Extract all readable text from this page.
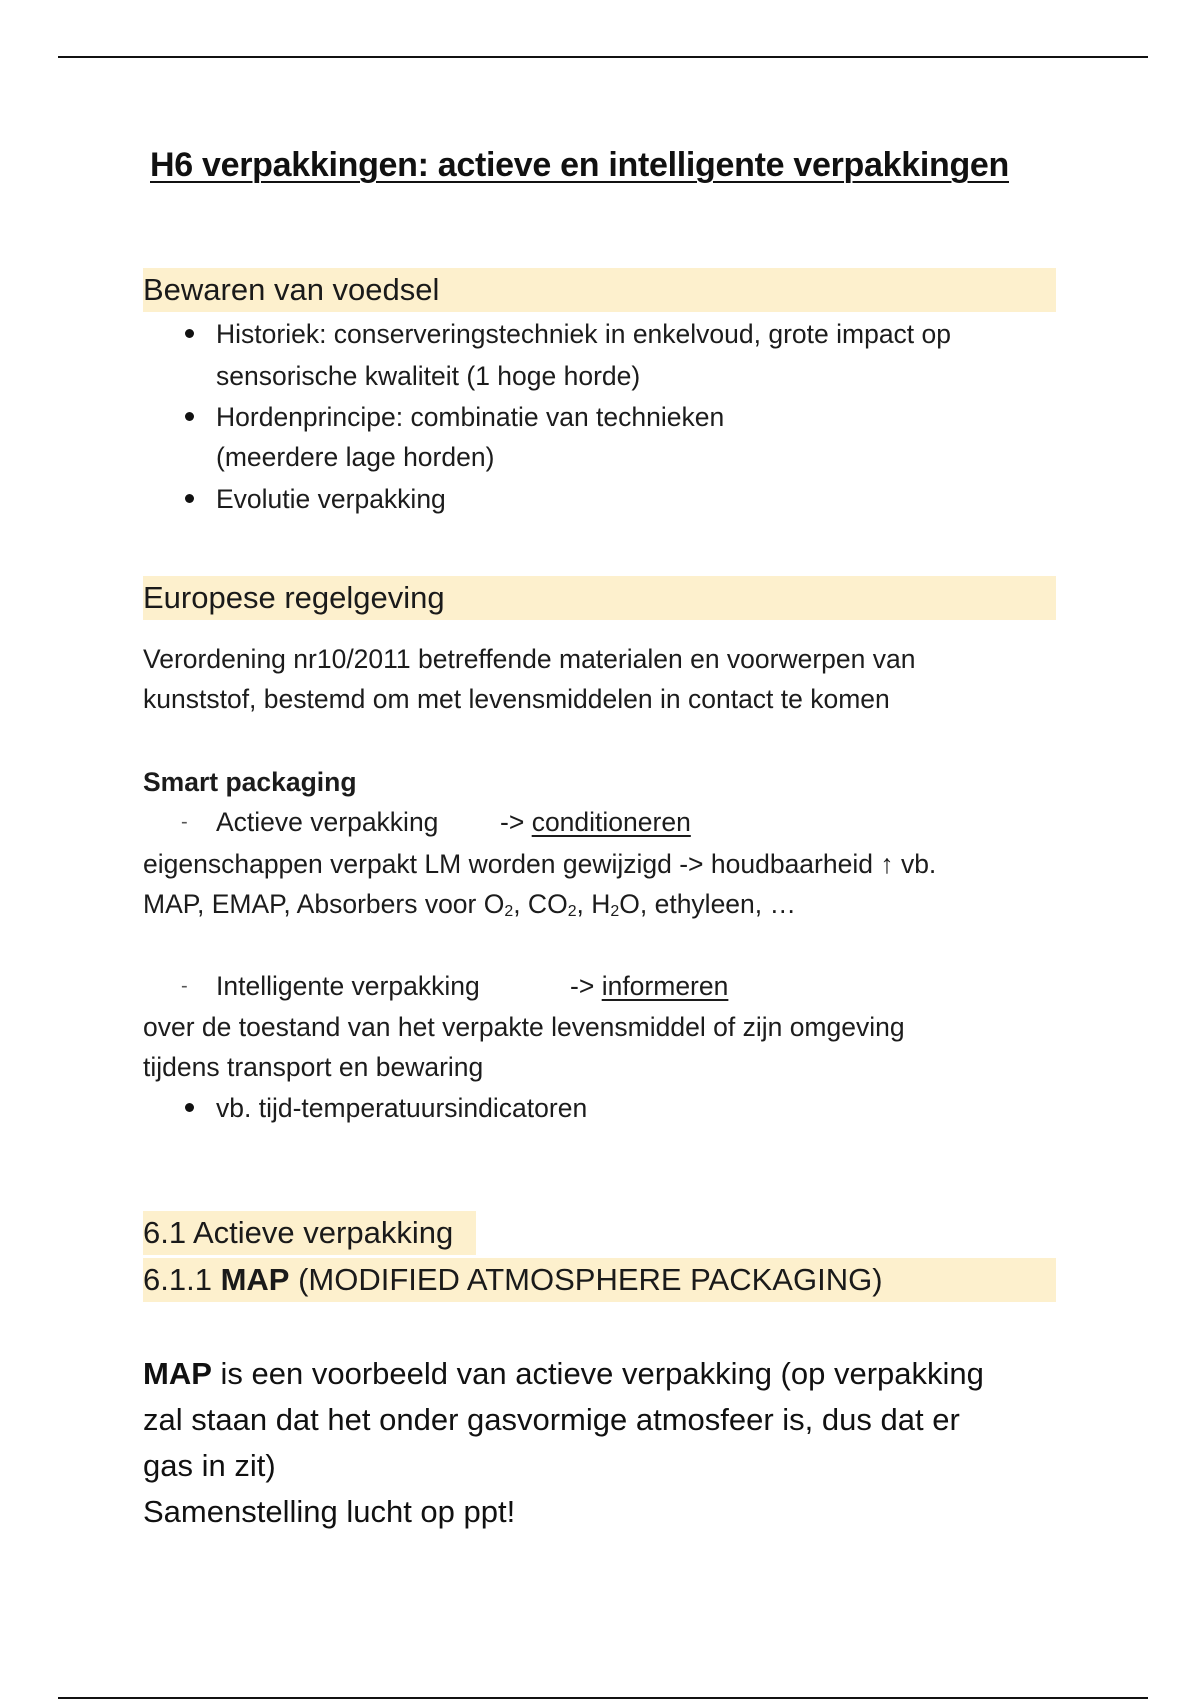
H6 verpakkingen: actieve en intelligente verpakkingen
Bewaren van voedsel
Historiek: conserveringstechniek in enkelvoud, grote impact op
sensorische kwaliteit (1 hoge horde)
Hordenprincipe: combinatie van technieken
(meerdere lage horden)
Evolutie verpakking
Europese regelgeving
Verordening nr10/2011 betreffende materialen en voorwerpen van
kunststof, bestemd om met levensmiddelen in contact te komen
Smart packaging
- Actieve verpakking -> conditioneren
eigenschappen verpakt LM worden gewijzigd -> houdbaarheid ↑ vb.
MAP, EMAP, Absorbers voor $O_2$, $CO_2$, $H_2O$, ethyleen, …
- Intelligente verpakking	-> informeren
over de toestand van het verpakte levensmiddel of zijn omgeving
tijdens transport en bewaring
vb. tijd-temperatuursindicatoren
6.1 Actieve verpakking
6.1.1 MAP (MODIFIED ATMOSPHERE PACKAGING)
MAP is een voorbeeld van actieve verpakking (op verpakking
zal staan dat het onder gasvormige atmosfeer is, dus dat er
gas in zit)
Samenstelling lucht op ppt!
